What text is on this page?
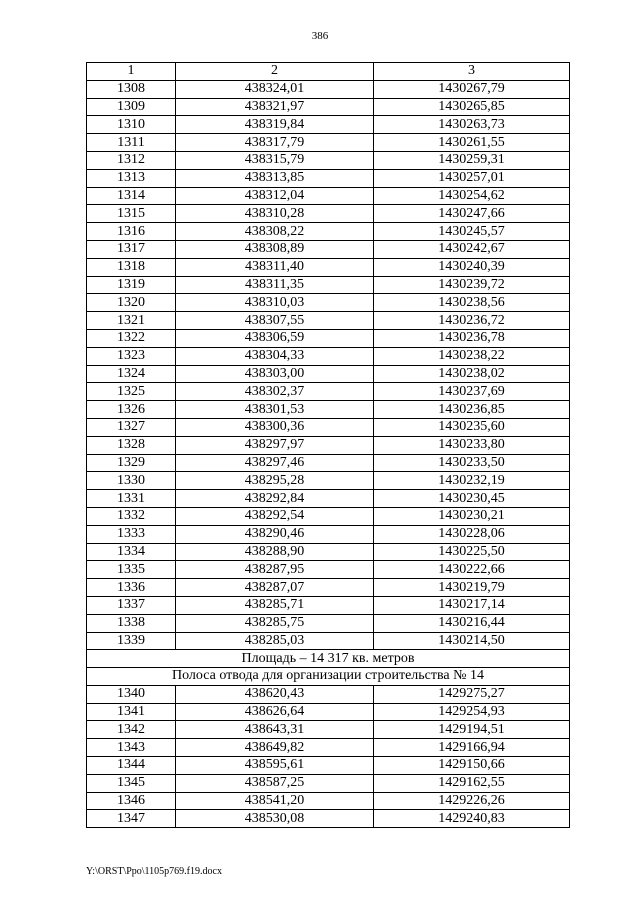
386
1	2	3
1308	438324,01	1430267,79
1309	438321,97	1430265,85
1310	438319,84	1430263,73
1311	438317,79	1430261,55
1312	438315,79	1430259,31
1313	438313,85	1430257,01
1314	438312,04	1430254,62
1315	438310,28	1430247,66
1316	438308,22	1430245,57
1317	438308,89	1430242,67
1318	438311,40	1430240,39
1319	438311,35	1430239,72
1320	438310,03	1430238,56
1321	438307,55	1430236,72
1322	438306,59	1430236,78
1323	438304,33	1430238,22
1324	438303,00	1430238,02
1325	438302,37	1430237,69
1326	438301,53	1430236,85
1327	438300,36	1430235,60
1328	438297,97	1430233,80
1329	438297,46	1430233,50
1330	438295,28	1430232,19
1331	438292,84	1430230,45
1332	438292,54	1430230,21
1333	438290,46	1430228,06
1334	438288,90	1430225,50
1335	438287,95	1430222,66
1336	438287,07	1430219,79
1337	438285,71	1430217,14
1338	438285,75	1430216,44
1339	438285,03	1430214,50
Площадь – 14 317 кв. метров		
Полоса отвода для организации строительства № 14		
1340	438620,43	1429275,27
1341	438626,64	1429254,93
1342	438643,31	1429194,51
1343	438649,82	1429166,94
1344	438595,61	1429150,66
1345	438587,25	1429162,55
1346	438541,20	1429226,26
1347	438530,08	1429240,83
Y:\ORST\Ppo\1105p769.f19.docx
